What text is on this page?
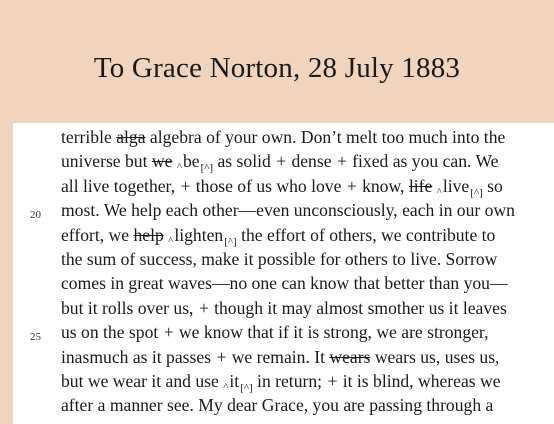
To Grace Norton, 28 July 1883
20
25
terrible alga algebra of your own. Don’t melt too much into the
universe but we $\^{}be_{[\^{}]}$ as solid + dense + fixed as you can. We
all live together, + those of us who love + know, life ^live$_{[\^{}]}$ so
most. We help each other—even unconsciously, each in our own
effort, we help ^lighten$_{[\^{}]}$ the effort of others, we contribute to
the sum of success, make it possible for others to live. Sorrow
comes in great waves—no one can know that better than you—
but it rolls over us, + though it may almost smother us it leaves
us on the spot + we know that if it is strong, we are stronger,
inasmuch as it passes + we remain. It wears wears us, uses us,
but we wear it and use $\^{}it_{[\^{}]}$ in return; + it is blind, whereas we
after a manner see. My dear Grace, you are passing through a
